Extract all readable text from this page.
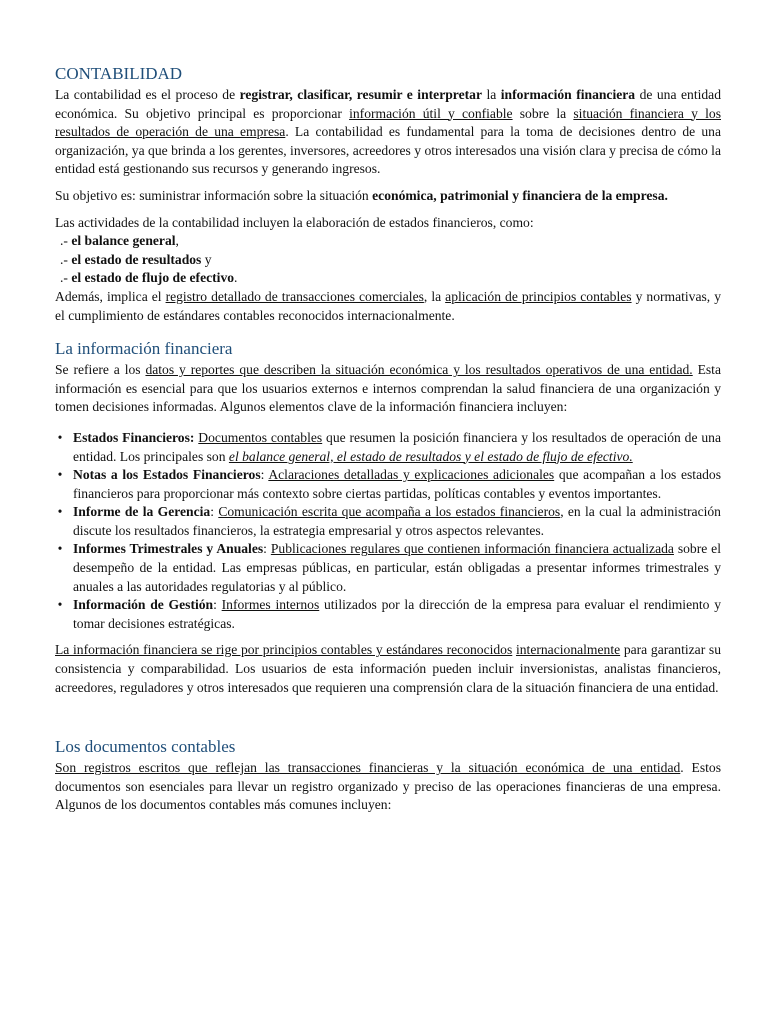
CONTABILIDAD

La contabilidad es el proceso de registrar, clasificar, resumir e interpretar la información financiera de una entidad económica. Su objetivo principal es proporcionar información útil y confiable sobre la situación financiera y los resultados de operación de una empresa. La contabilidad es fundamental para la toma de decisiones dentro de una organización, ya que brinda a los gerentes, inversores, acreedores y otros interesados una visión clara y precisa de cómo la entidad está gestionando sus recursos y generando ingresos.

Su objetivo es: suministrar información sobre la situación económica, patrimonial y financiera de la empresa.

Las actividades de la contabilidad incluyen la elaboración de estados financieros, como:

.- el balance general,
.- el estado de resultados y
.- el estado de flujo de efectivo.

Además, implica el registro detallado de transacciones comerciales, la aplicación de principios contables y normativas, y el cumplimiento de estándares contables reconocidos internacionalmente.

La información financiera

Se refiere a los datos y reportes que describen la situación económica y los resultados operativos de una entidad. Esta información es esencial para que los usuarios externos e internos comprendan la salud financiera de una organización y tomen decisiones informadas. Algunos elementos clave de la información financiera incluyen:

• Estados Financieros: Documentos contables que resumen la posición financiera y los resultados de operación de una entidad. Los principales son el balance general, el estado de resultados y el estado de flujo de efectivo.
• Notas a los Estados Financieros: Aclaraciones detalladas y explicaciones adicionales que acompañan a los estados financieros para proporcionar más contexto sobre ciertas partidas, políticas contables y eventos importantes.
• Informe de la Gerencia: Comunicación escrita que acompaña a los estados financieros, en la cual la administración discute los resultados financieros, la estrategia empresarial y otros aspectos relevantes.
• Informes Trimestrales y Anuales: Publicaciones regulares que contienen información financiera actualizada sobre el desempeño de la entidad. Las empresas públicas, en particular, están obligadas a presentar informes trimestrales y anuales a las autoridades regulatorias y al público.
• Información de Gestión: Informes internos utilizados por la dirección de la empresa para evaluar el rendimiento y tomar decisiones estratégicas.

La información financiera se rige por principios contables y estándares reconocidos internacionalmente para garantizar su consistencia y comparabilidad. Los usuarios de esta información pueden incluir inversionistas, analistas financieros, acreedores, reguladores y otros interesados que requieren una comprensión clara de la situación financiera de una entidad.

Los documentos contables

Son registros escritos que reflejan las transacciones financieras y la situación económica de una entidad. Estos documentos son esenciales para llevar un registro organizado y preciso de las operaciones financieras de una empresa. Algunos de los documentos contables más comunes incluyen:
